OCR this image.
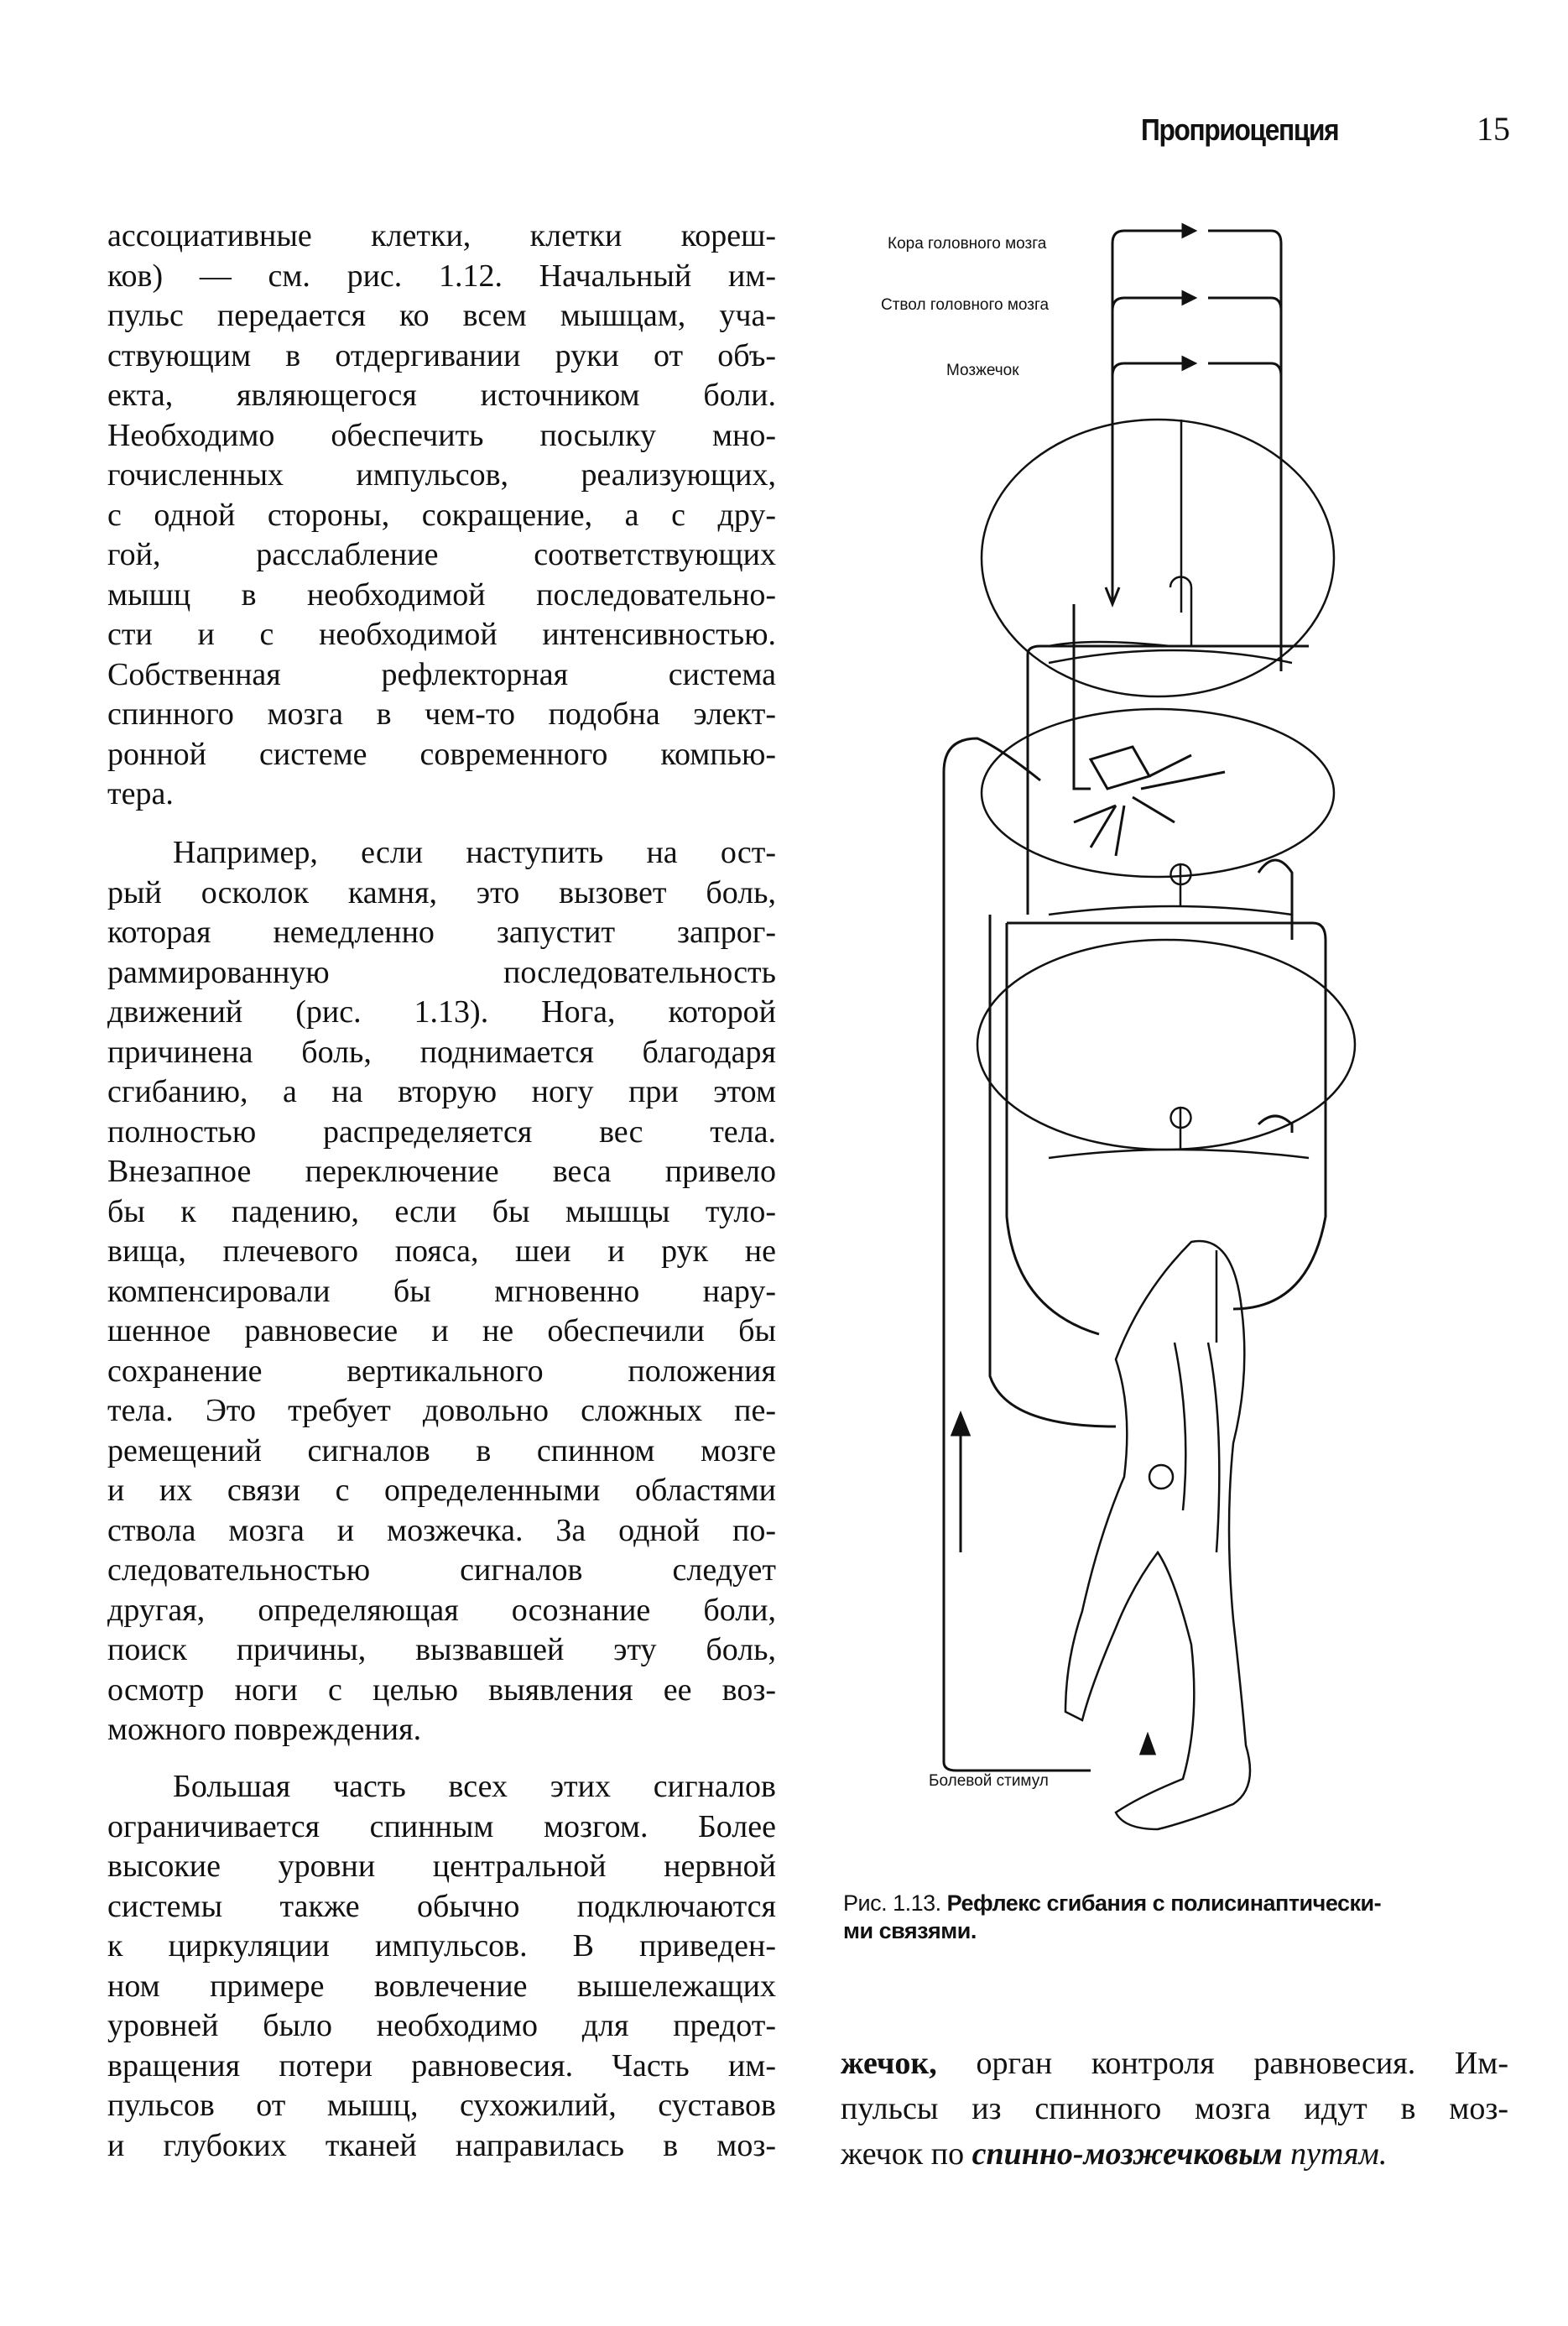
Проприоцепция	15
ассоциативные клетки, клетки кореш-
ков) — см. рис. 1.12. Начальный им-
пульс передается ко всем мышцам, уча-
ствующим в отдергивании руки от объ-
екта, являющегося источником боли.
Необходимо обеспечить посылку мно-
гочисленных импульсов, реализующих,
с одной стороны, сокращение, а с дру-
гой, расслабление соответствующих
мышц в необходимой последовательно-
сти и с необходимой интенсивностью.
Собственная рефлекторная система
спинного мозга в чем-то подобна элект-
ронной системе современного компью-
тера.
Например, если наступить на ост-
рый осколок камня, это вызовет боль,
которая немедленно запустит запрог-
раммированную последовательность
движений (рис. 1.13). Нога, которой
причинена боль, поднимается благодаря
сгибанию, а на вторую ногу при этом
полностью распределяется вес тела.
Внезапное переключение веса привело
бы к падению, если бы мышцы туло-
вища, плечевого пояса, шеи и рук не
компенсировали бы мгновенно нару-
шенное равновесие и не обеспечили бы
сохранение вертикального положения
тела. Это требует довольно сложных пе-
ремещений сигналов в спинном мозге
и их связи с определенными областями
ствола мозга и мозжечка. За одной по-
следовательностью сигналов следует
другая, определяющая осознание боли,
поиск причины, вызвавшей эту боль,
осмотр ноги с целью выявления ее воз-
можного повреждения.
Большая часть всех этих сигналов
ограничивается спинным мозгом. Более
высокие уровни центральной нервной
системы также обычно подключаются
к циркуляции импульсов. В приведен-
ном примере вовлечение вышележащих
уровней было необходимо для предот-
вращения потери равновесия. Часть им-
пульсов от мышц, сухожилий, суставов
и глубоких тканей направилась в моз-
Кора головного мозга
Ствол головного мозга
Мозжечок
Болевой стимул
Рис. 1.13. Рефлекс сгибания с полисинаптически-
ми связями.
жечок, орган контроля равновесия. Им-
пульсы из спинного мозга идут в моз-
жечок по спинно-мозжечковым путям.
